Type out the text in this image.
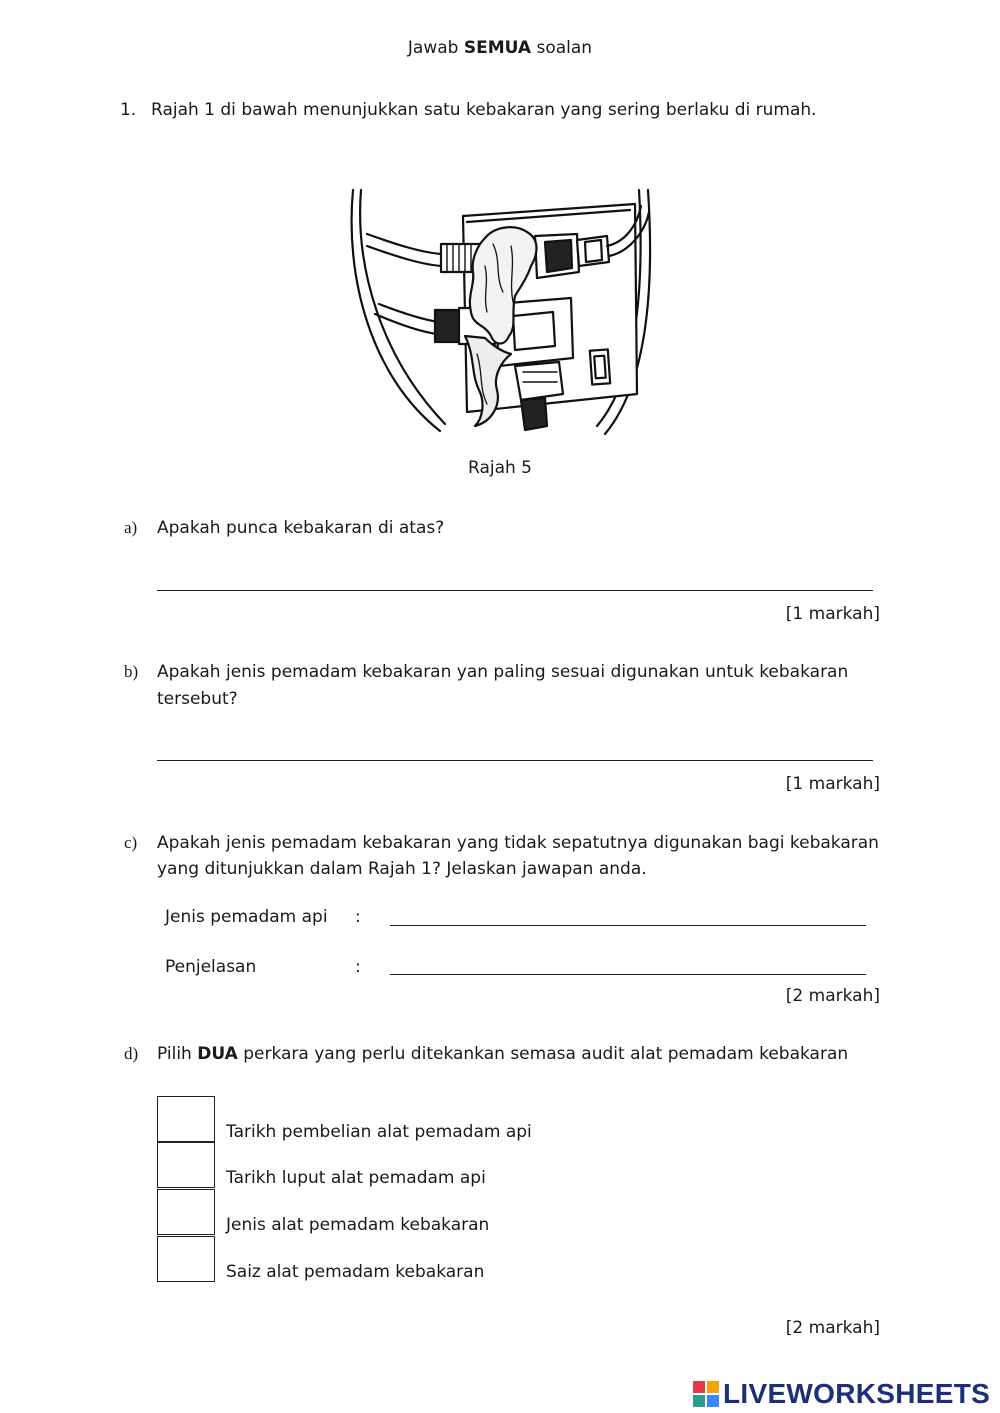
Jawab SEMUA soalan
1. Rajah 1 di bawah menunjukkan satu kebakaran yang sering berlaku di rumah.
Rajah 5
a) Apakah punca kebakaran di atas?
[1 markah]
b) Apakah jenis pemadam kebakaran yan paling sesuai digunakan untuk kebakaran
tersebut?
[1 markah]
c) Apakah jenis pemadam kebakaran yang tidak sepatutnya digunakan bagi kebakaran
yang ditunjukkan dalam Rajah 1? Jelaskan jawapan anda.
Jenis pemadam api :
Penjelasan	:
[2 markah]
d) Pilih DUA perkara yang perlu ditekankan semasa audit alat pemadam kebakaran
Tarikh pembelian alat pemadam api
Tarikh luput alat pemadam api
Jenis alat pemadam kebakaran
Saiz alat pemadam kebakaran
[2 markah]
LIVEWORKSHEETS
